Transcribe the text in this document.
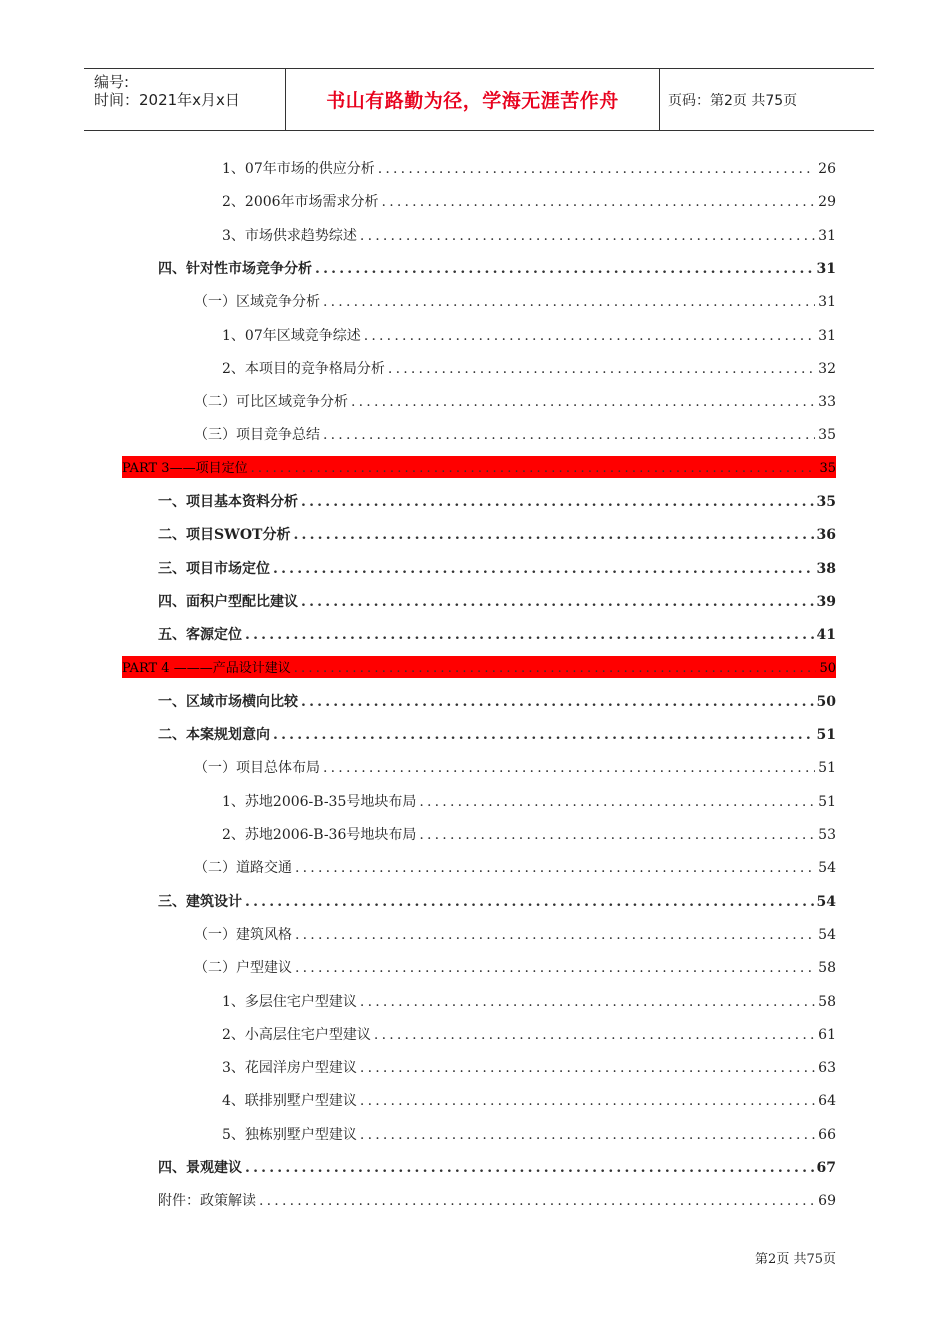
编号:
时间：2021年x月x日	书山有路勤为径，学海无涯苦作舟	页码：第2页 共75页
1、07年市场的供应分析 .....	26
2、2006年市场需求分析 .....	29
3、市场供求趋势综述 .....	31
四、针对性市场竞争分析 .....	31
（一）区域竞争分析 .....	31
1、07年区域竞争综述 .....	31
2、本项目的竞争格局分析 .....	32
（二）可比区域竞争分析 .....	33
（三）项目竞争总结 .....	35
PART 3——项目定位 .....	35
一、项目基本资料分析 .....	35
二、项目SWOT分析 .....	36
三、项目市场定位 .....	38
四、面积户型配比建议 .....	39
五、客源定位 .....	41
PART 4 ———产品设计建议 .....	50
一、区域市场横向比较 .....	50
二、本案规划意向 .....	51
（一）项目总体布局 .....	51
1、苏地2006-B-35号地块布局 .....	51
2、苏地2006-B-36号地块布局 .....	53
（二）道路交通 .....	54
三、建筑设计 .....	54
（一）建筑风格 .....	54
（二）户型建议 .....	58
1、多层住宅户型建议 .....	58
2、小高层住宅户型建议 .....	61
3、花园洋房户型建议 .....	63
4、联排别墅户型建议 .....	64
5、独栋别墅户型建议 .....	66
四、景观建议 .....	67
附件：政策解读 .....	69
第2页 共75页
